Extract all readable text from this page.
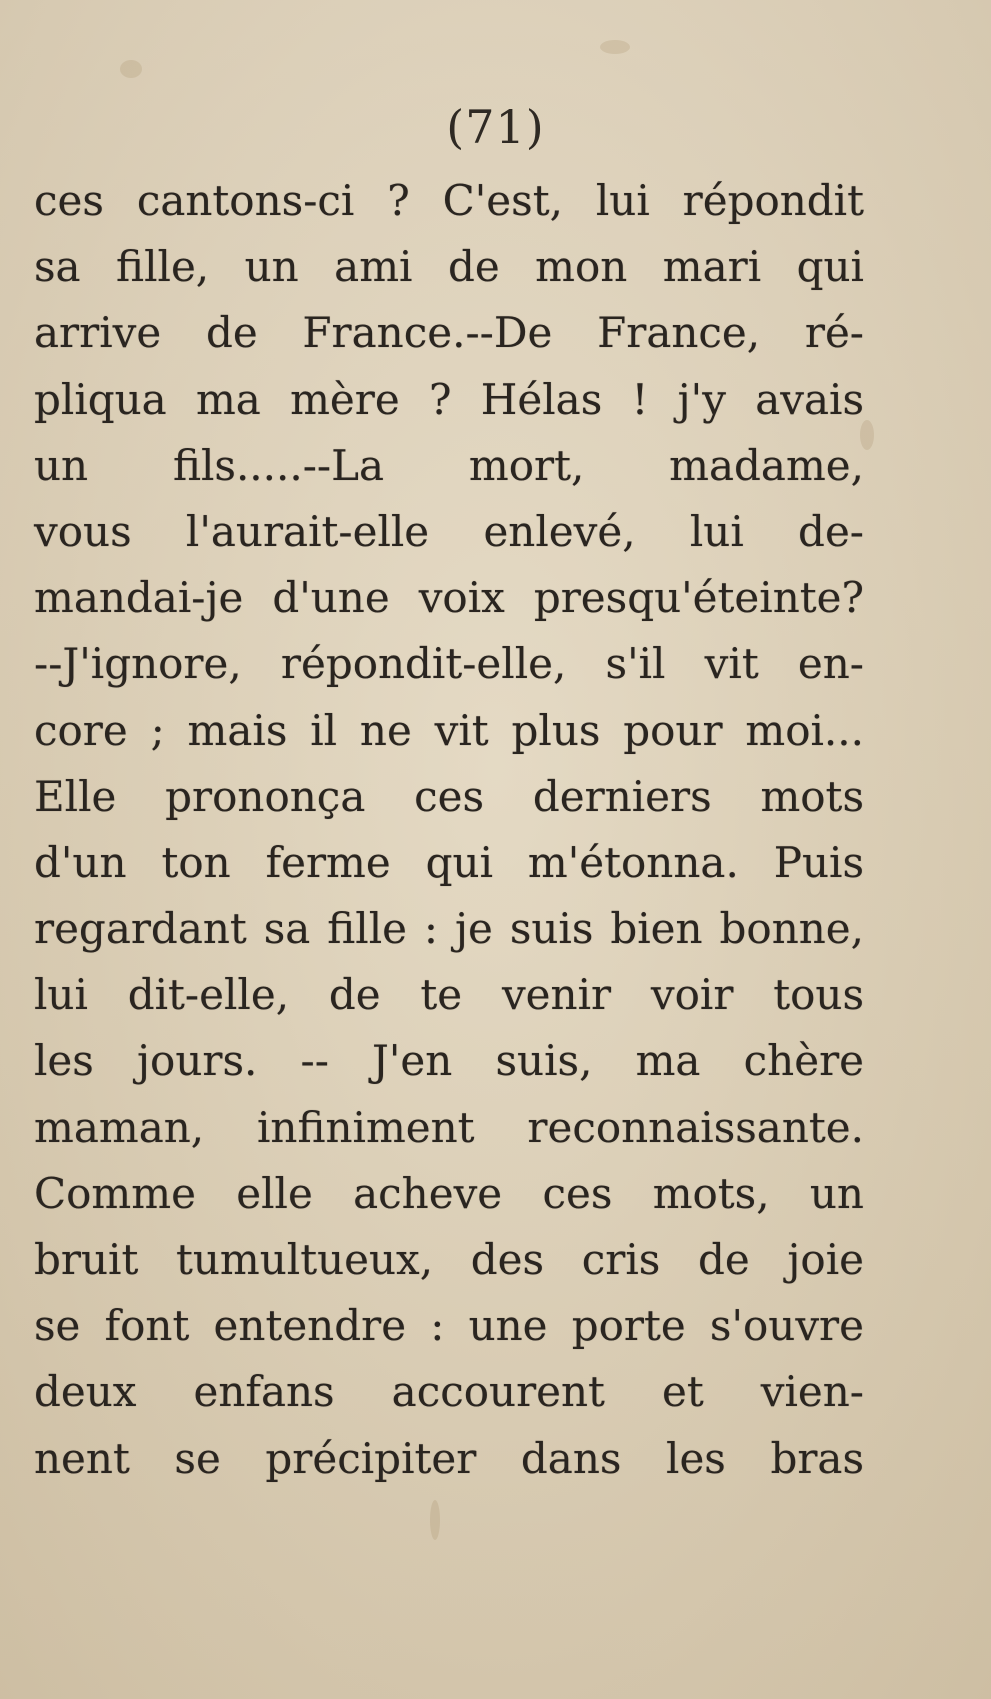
(71)
ces cantons-ci ? C'est, lui répondit
sa fille, un ami de mon mari qui
arrive de France.--De France, ré-
pliqua ma mère ? Hélas ! j'y avais
un fils.....--La mort, madame,
vous l'aurait-elle enlevé, lui de-
mandai-je d'une voix presqu'éteinte?
--J'ignore, répondit-elle, s'il vit en-
core ; mais il ne vit plus pour moi...
Elle prononça ces derniers mots
d'un ton ferme qui m'étonna. Puis
regardant sa fille : je suis bien bonne,
lui dit-elle, de te venir voir tous
les jours. -- J'en suis, ma chère
maman, infiniment reconnaissante.
Comme elle acheve ces mots, un
bruit tumultueux, des cris de joie
se font entendre : une porte s'ouvre
deux enfans accourent et vien-
nent se précipiter dans les bras
